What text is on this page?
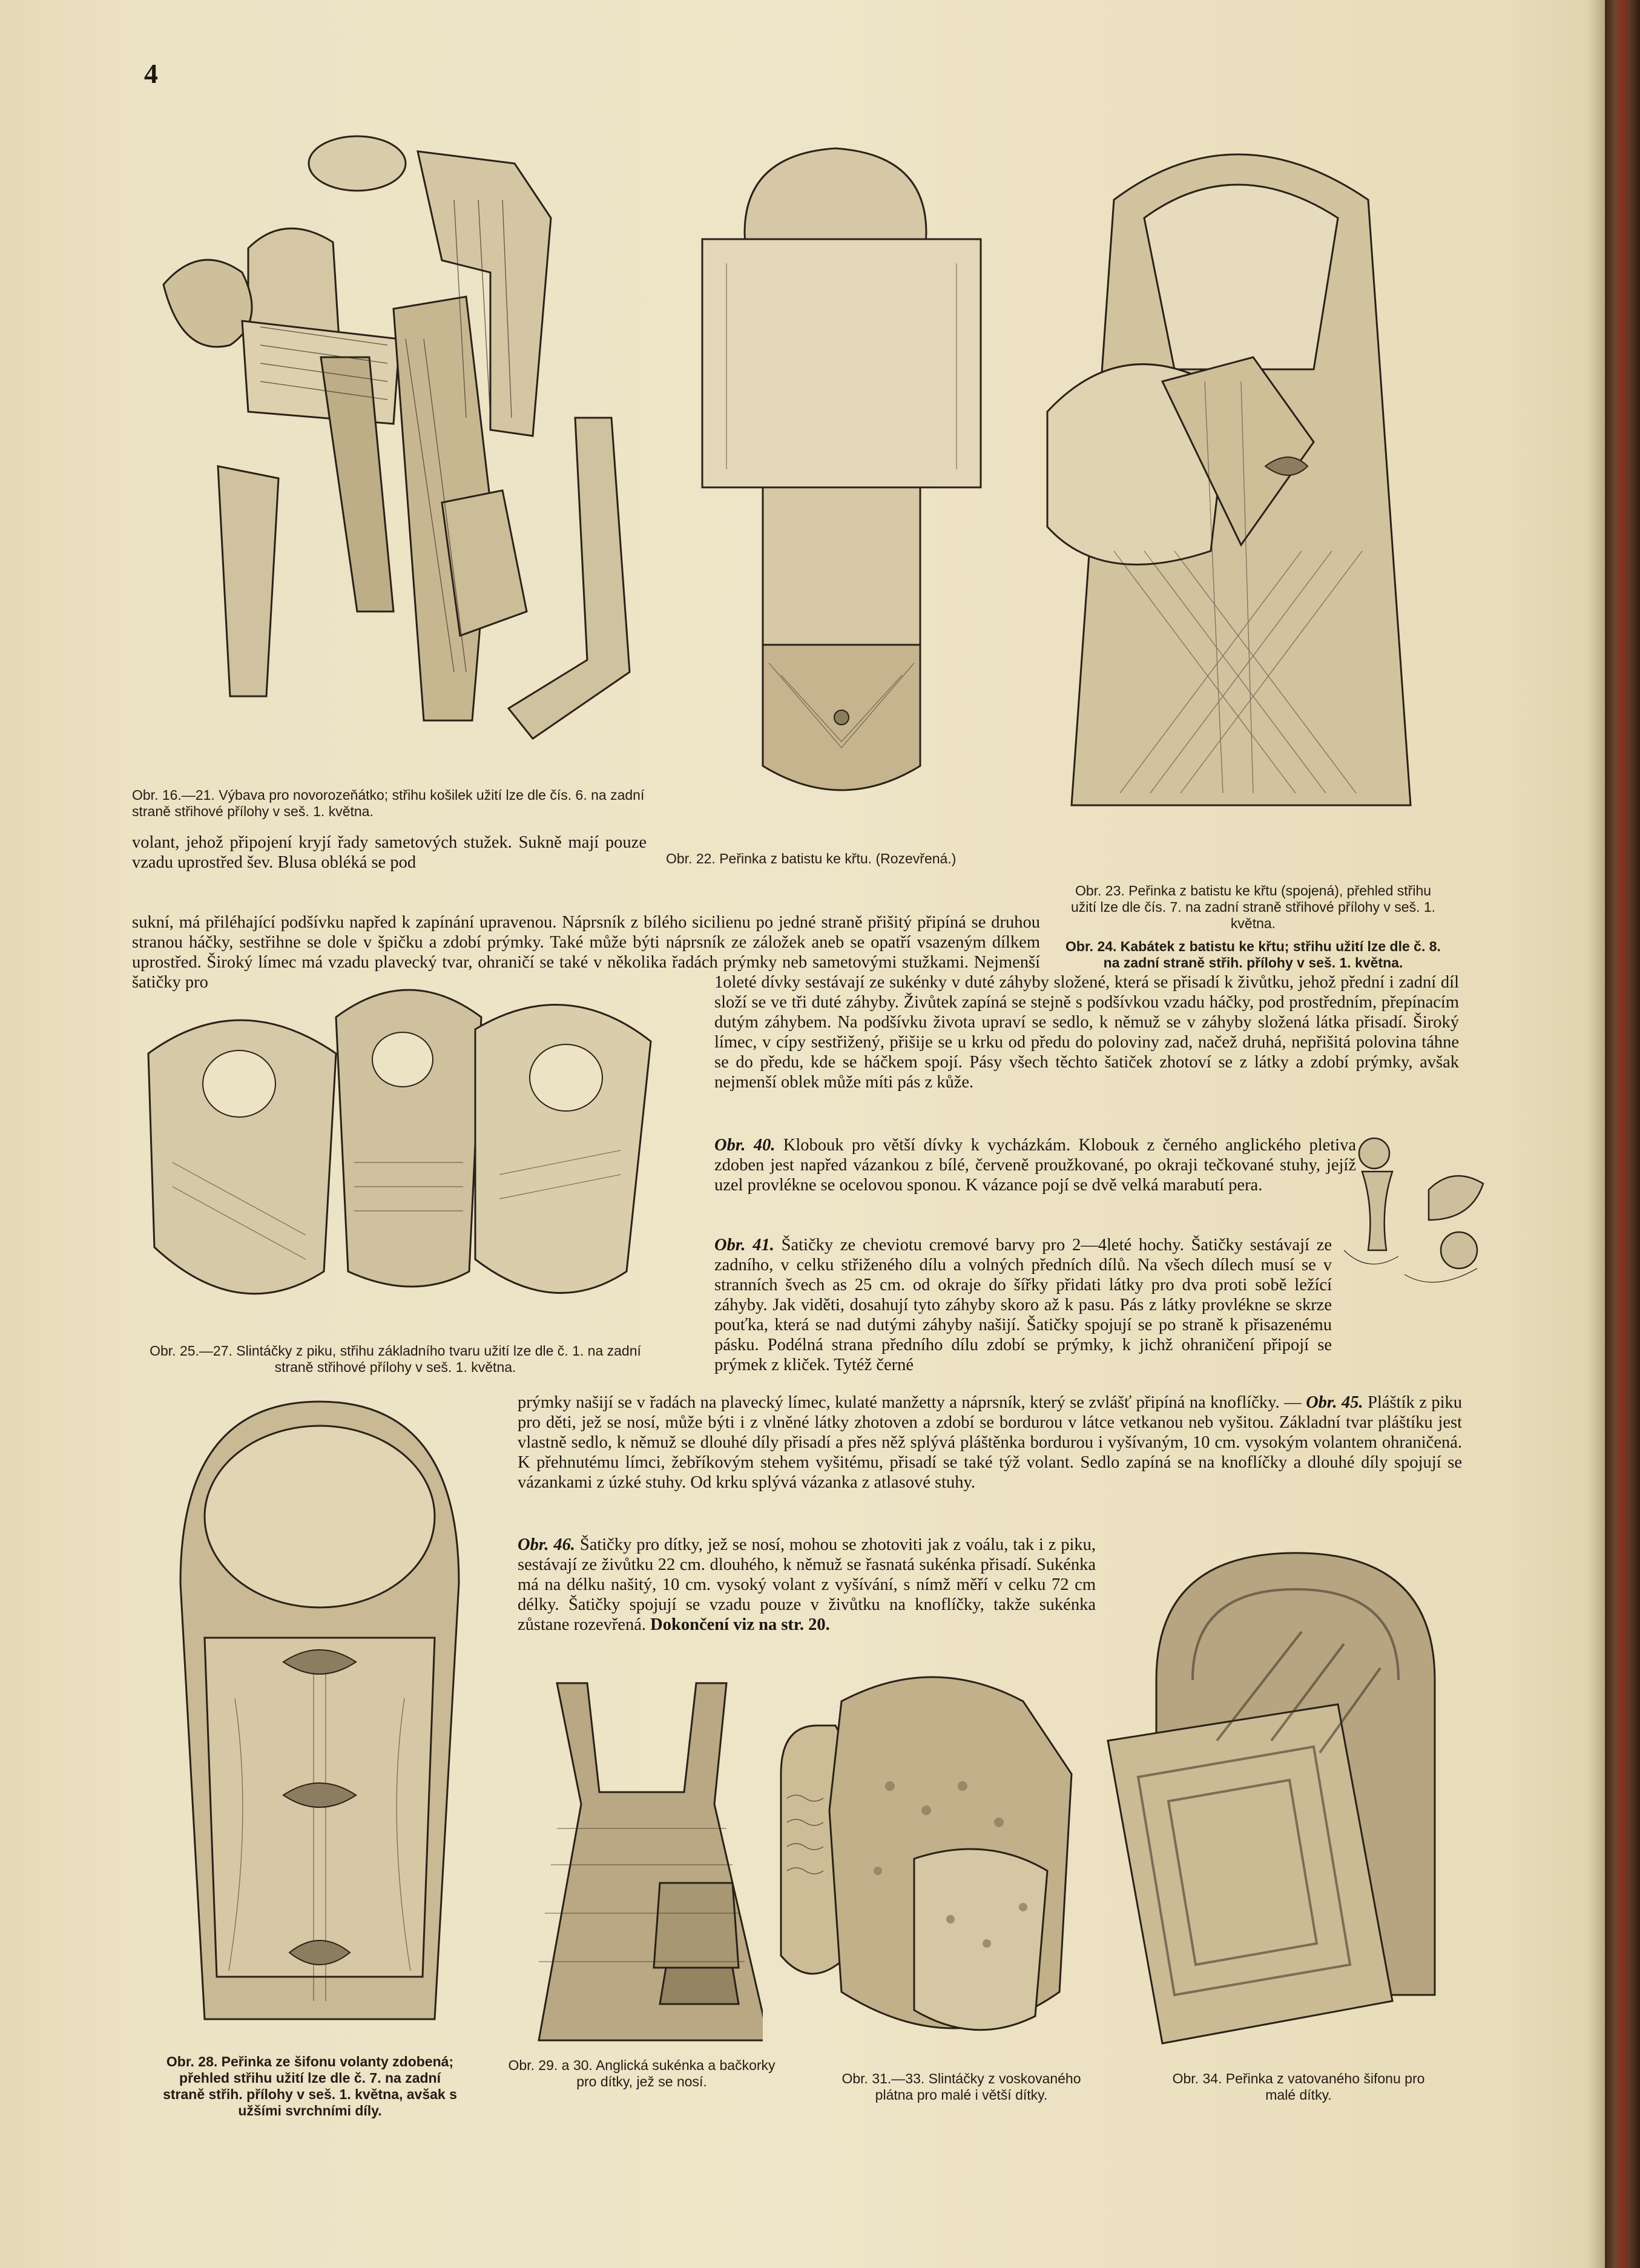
4
Obr. 16.—21. Výbava pro novorozeňátko; střihu košilek užití lze dle čís. 6. na zadní straně střihové přílohy v seš. 1. května.
Obr. 22. Peřinka z batistu ke křtu. (Rozevřená.)
Obr. 23. Peřinka z batistu ke křtu (spojená), přehled střihu užití lze dle čís. 7. na zadní straně střihové přílohy v seš. 1. května.
Obr. 24. Kabátek z batistu ke křtu; střihu užití lze dle č. 8. na zadní straně střih. přílohy v seš. 1. května.
volant, jehož připojení kryjí řady sametových stužek. Sukně mají pouze vzadu uprostřed šev. Blusa obléká se pod
sukní, má přiléhající podšívku napřed k zapínání upravenou. Náprsník z bílého sicilienu po jedné straně přišitý připíná se druhou stranou háčky, sestřihne se dole v špičku a zdobí prýmky. Také může býti náprsník ze záložek aneb se opatří vsazeným dílkem uprostřed. Široký límec má vzadu plavecký tvar, ohraničí se také v několika řadách prýmky neb sametovými stužkami. Nejmenší šatičky pro	1oleté dívky sestávají ze sukénky v duté záhyby složené, která se přisadí k živůtku, jehož přední i zadní díl složí se ve tři duté záhyby. Živůtek zapíná se stejně s podšívkou vzadu háčky, pod prostředním, přepínacím dutým záhybem. Na podšívku života upraví se sedlo, k němuž se v záhyby složená látka přisadí. Široký límec, v cípy sestřižený, přišije se u krku od předu do poloviny zad, načež druhá, nepřišitá polovina táhne se do předu, kde se háčkem spojí. Pásy všech těchto šatiček zhotoví se z látky a zdobí prýmky, avšak nejmenší oblek může míti pás z kůže.
Obr. 40. Klobouk pro větší dívky k vycházkám. Klobouk z černého anglického pletiva zdoben jest napřed vázankou z bílé, červeně proužkované, po okraji tečkované stuhy, jejíž uzel provlékne se ocelovou sponou. K vázance pojí se dvě velká marabutí pera.
Obr. 41. Šatičky ze cheviotu cremové barvy pro 2—4leté hochy. Šatičky sestávají ze zadního, v celku střiženého dílu a volných předních dílů. Na všech dílech musí se v stranních švech as 25 cm. od okraje do šířky přidati látky pro dva proti sobě ležící záhyby. Jak viděti, dosahují tyto záhyby skoro až k pasu. Pás z látky provlékne se skrze pouťka, která se nad dutými záhyby našijí. Šatičky spojují se po straně k přisazenému pásku. Podélná strana předního dílu zdobí se prýmky, k jichž ohraničení připojí se prýmek z kliček. Tytéž černé
Obr. 25.—27. Slintáčky z piku, střihu základního tvaru užití lze dle č. 1. na zadní straně střihové přílohy v seš. 1. května.
Obr. 28. Peřinka ze šifonu volanty zdobená; přehled střihu užití lze dle č. 7. na zadní straně střih. přílohy v seš. 1. května, avšak s užšími svrchními díly.
prýmky našijí se v řadách na plavecký límec, kulaté manžetty a náprsník, který se zvlášť připíná na knoflíčky. — Obr. 45. Pláštík z piku pro děti, jež se nosí, může býti i z vlněné látky zhotoven a zdobí se bordurou v látce vetkanou neb vyšitou. Základní tvar pláštíku jest vlastně sedlo, k němuž se dlouhé díly přisadí a přes něž splývá pláštěnka bordurou i vyšívaným, 10 cm. vysokým volantem ohraničená. K přehnutému límci, žebříkovým stehem vyšitému, přisadí se také týž volant. Sedlo zapíná se na knoflíčky a dlouhé díly spojují se vázankami z úzké stuhy. Od krku splývá vázanka z atlasové stuhy.
Obr. 46. Šatičky pro dítky, jež se nosí, mohou se zhotoviti jak z voálu, tak i z piku, sestávají ze živůtku 22 cm. dlouhého, k němuž se řasnatá sukénka přisadí. Sukénka má na délku našitý, 10 cm. vysoký volant z vyšívání, s nímž měří v celku 72 cm délky. Šatičky spojují se vzadu pouze v živůtku na knoflíčky, takže sukénka zůstane rozevřená. Dokončení viz na str. 20.
Obr. 29. a 30. Anglická sukénka a bačkorky pro dítky, jež se nosí.	Obr. 31.—33. Slintáčky z voskovaného plátna pro malé i větší dítky.
Obr. 34. Peřinka z vatovaného šifonu pro malé dítky.
